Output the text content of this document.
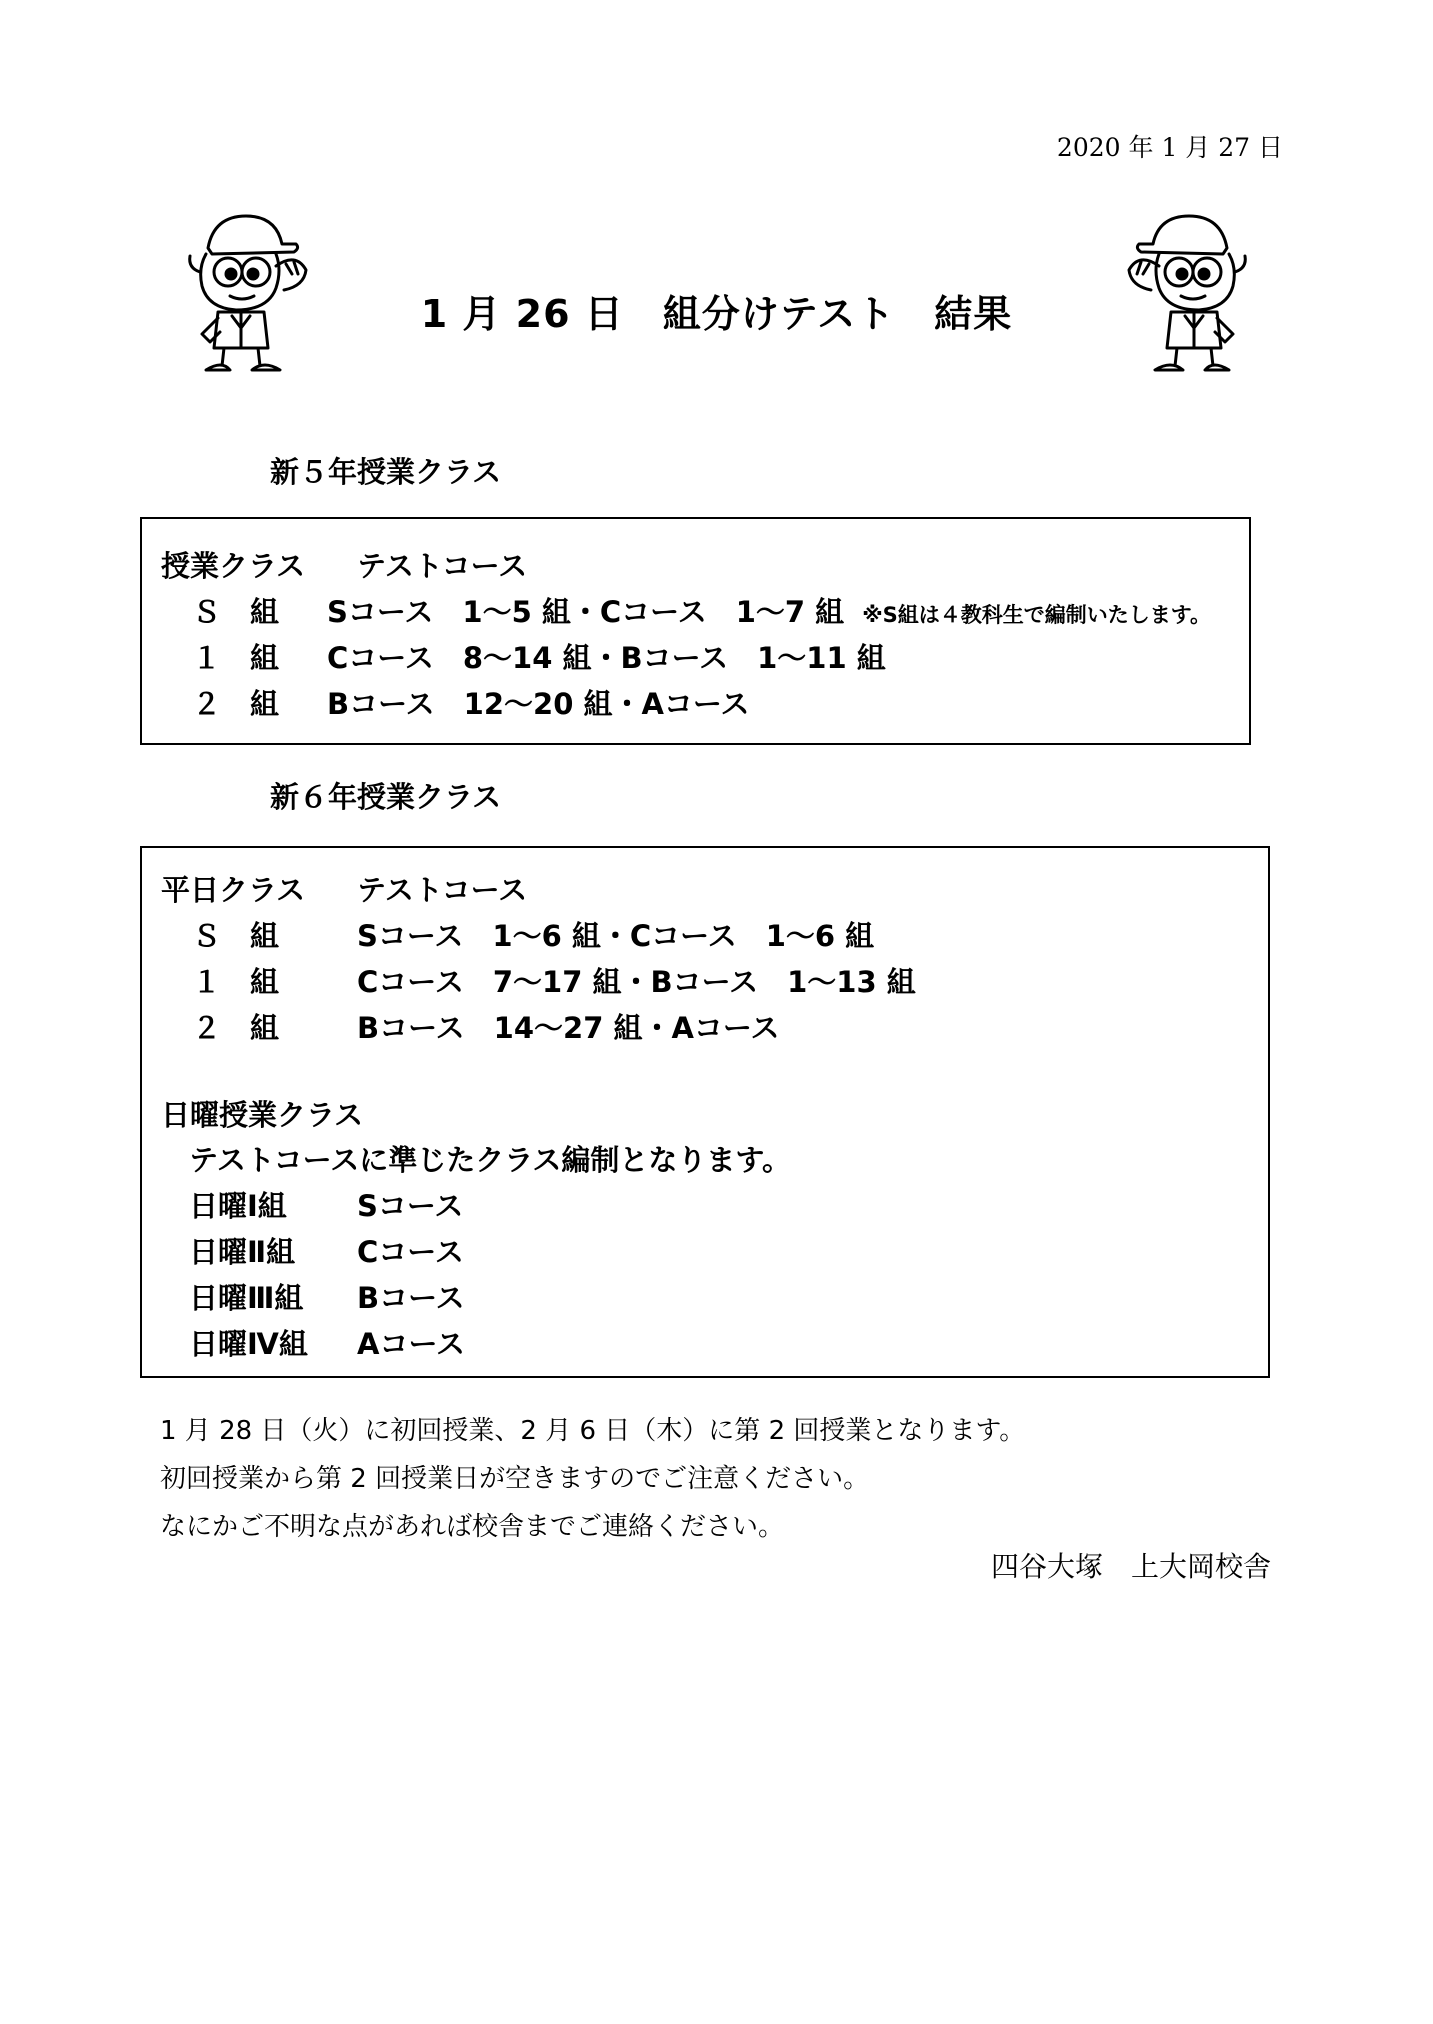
2020 年 1 月 27 日
1 月 26 日　組分けテスト　結果
新５年授業クラス
授業クラス テストコース
Ｓ　組 Sコース　1〜5 組・Cコース　1〜7 組 ※S組は４教科生で編制いたします。
１　組 Cコース　8〜14 組・Bコース　1〜11 組
２　組 Bコース　12〜20 組・Aコース
新６年授業クラス
平日クラス テストコース
Ｓ　組	Sコース　1〜6 組・Cコース　1〜6 組
１　組	Cコース　7〜17 組・Bコース　1〜13 組
２　組	Bコース　14〜27 組・Aコース
日曜授業クラス
テストコースに準じたクラス編制となります。
日曜Ⅰ組 Sコース
日曜Ⅱ組 Cコース
日曜Ⅲ組 Bコース
日曜Ⅳ組 Aコース
1 月 28 日（火）に初回授業、2 月 6 日（木）に第 2 回授業となります。
初回授業から第 2 回授業日が空きますのでご注意ください。
なにかご不明な点があれば校舎までご連絡ください。
四谷大塚　上大岡校舎
